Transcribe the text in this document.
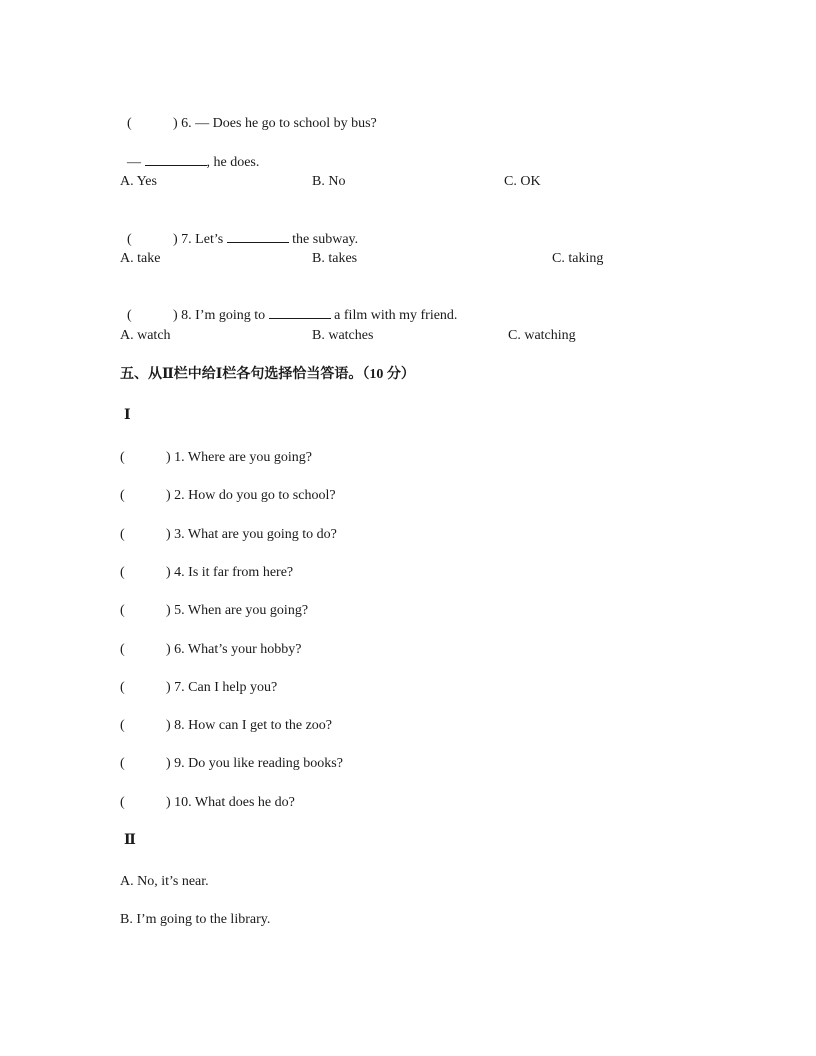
(	) 6. — Does he go to school by bus?

—	, he does.

A. Yes	B. No	C. OK

(	) 7. Let’s	the subway.

A. take	B. takes	C. taking

(	) 8. I’m going to	a film with my friend.

A. watch	B. watches	C. watching
五、从Ⅱ栏中给Ⅰ栏各句选择恰当答语。（10 分）
Ⅰ
(	) 1. Where are you going?
(	) 2. How do you go to school?
(	) 3. What are you going to do?
(	) 4. Is it far from here?
(	) 5. When are you going?
(	) 6. What’s your hobby?
(	) 7. Can I help you?
(	) 8. How can I get to the zoo?
(	) 9. Do you like reading books?
(	) 10. What does he do?
Ⅱ
A. No, it’s near.
B. I’m going to the library.
